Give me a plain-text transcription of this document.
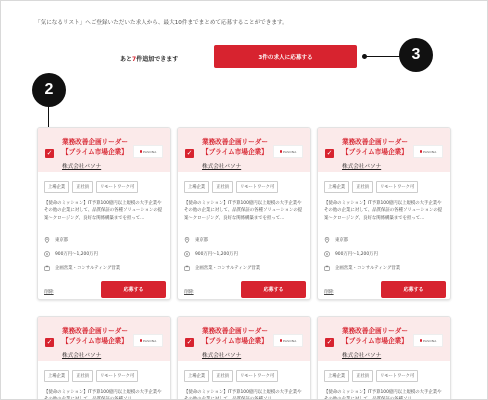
「気になるリスト」へご登録いただいた求人から、最大10件までまとめて応募することができます。
あと7件追加できます	3件の求人に応募する	3
2
✓
業務改善企画リーダー【プライム市場企業】	PASONA
株式会社パソナ
上場企業	正社員	リモートワーク可
【使命のミッション】IT予算100億円以上規模の大手企業やその他の企業に対して、品質保証の各種ソリューションの提案～クロージング、良好な関係構築までを担って...
東京都
900万円～1,200万円
企画営業・コンサルティング営業
削除	応募する
✓
業務改善企画リーダー【プライム市場企業】	PASONA
株式会社パソナ
上場企業	正社員	リモートワーク可
【使命のミッション】IT予算100億円以上規模の大手企業やその他の企業に対して、品質保証の各種ソリューションの提案～クロージング、良好な関係構築までを担って...
東京都
900万円～1,200万円
企画営業・コンサルティング営業
削除	応募する
✓
業務改善企画リーダー【プライム市場企業】	PASONA
株式会社パソナ
上場企業	正社員	リモートワーク可
【使命のミッション】IT予算100億円以上規模の大手企業やその他の企業に対して、品質保証の各種ソリューションの提案～クロージング、良好な関係構築までを担って...
東京都
900万円～1,200万円
企画営業・コンサルティング営業
削除	応募する
✓
業務改善企画リーダー【プライム市場企業】	PASONA
株式会社パソナ
上場企業	正社員	リモートワーク可
【使命のミッション】IT予算100億円以上規模の大手企業やその他の企業に対して、品質保証の各種ソリ
✓
業務改善企画リーダー【プライム市場企業】	PASONA
株式会社パソナ
上場企業	正社員	リモートワーク可
【使命のミッション】IT予算100億円以上規模の大手企業やその他の企業に対して、品質保証の各種ソリ
✓
業務改善企画リーダー【プライム市場企業】	PASONA
株式会社パソナ
上場企業	正社員	リモートワーク可
【使命のミッション】IT予算100億円以上規模の大手企業やその他の企業に対して、品質保証の各種ソリ
